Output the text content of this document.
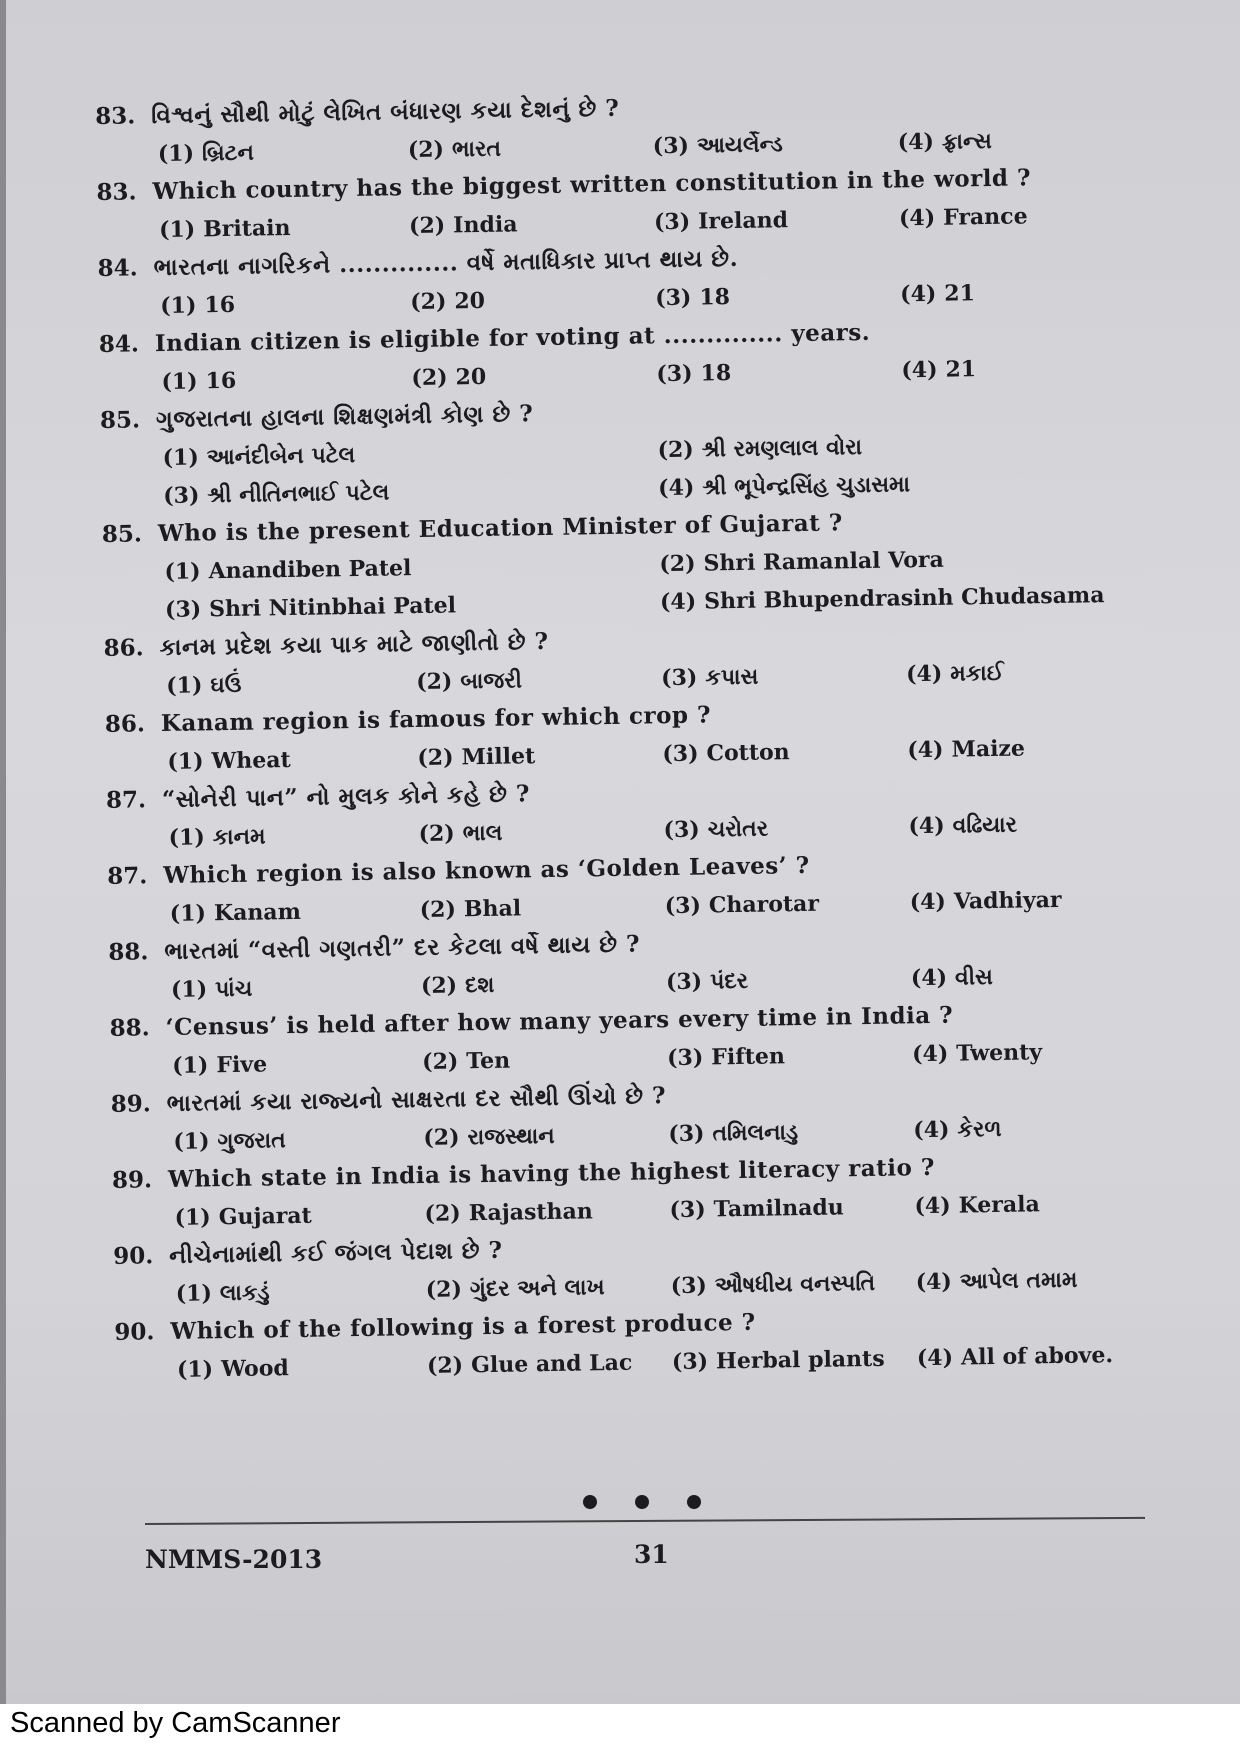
83. વિશ્વનું સૌથી મોટું લેખિત બંધારણ કયા દેશનું છે ?
(1) બ્રિટન	(2) ભારત	(3) આયર્લેન્ડ	(4) ફ્રાન્સ
83. Which country has the biggest written constitution in the world ?
(1) Britain	(2) India	(3) Ireland	(4) France
84. ભારતના નાગરિકને .............. વર્ષે મતાધિકાર પ્રાપ્ત થાય છે.
(1) 16	(2) 20	(3) 18	(4) 21
84. Indian citizen is eligible for voting at .............. years.
(1) 16	(2) 20	(3) 18	(4) 21
85. ગુજરાતના હાલના શિક્ષણમંત્રી કોણ છે ?
(1) આનંદીબેન પટેલ	(2) શ્રી રમણલાલ વોરા
(3) શ્રી નીતિનભાઈ પટેલ	(4) શ્રી ભૂપેન્દ્રસિંહ ચુડાસમા
85. Who is the present Education Minister of Gujarat ?
(1) Anandiben Patel	(2) Shri Ramanlal Vora
(3) Shri Nitinbhai Patel	(4) Shri Bhupendrasinh Chudasama
86. કાનમ પ્રદેશ કયા પાક માટે જાણીતો છે ?
(1) ઘઉં	(2) બાજરી	(3) કપાસ	(4) મકાઈ
86. Kanam region is famous for which crop ?
(1) Wheat	(2) Millet	(3) Cotton	(4) Maize
87. “સોનેરી પાન” નો મુલક કોને કહે છે ?
(1) કાનમ	(2) ભાલ	(3) ચરોતર	(4) વઢિયાર
87. Which region is also known as ‘Golden Leaves’ ?
(1) Kanam	(2) Bhal	(3) Charotar	(4) Vadhiyar
88. ભારતમાં “વસ્તી ગણતરી” દર કેટલા વર્ષે થાય છે ?
(1) પાંચ	(2) દશ	(3) પંદર	(4) વીસ
88. ‘Census’ is held after how many years every time in India ?
(1) Five	(2) Ten	(3) Fiften	(4) Twenty
89. ભારતમાં કયા રાજ્યનો સાક્ષરતા દર સૌથી ઊંચો છે ?
(1) ગુજરાત	(2) રાજસ્થાન	(3) તમિલનાડુ	(4) કેરળ
89. Which state in India is having the highest literacy ratio ?
(1) Gujarat	(2) Rajasthan	(3) Tamilnadu	(4) Kerala
90. નીચેનામાંથી કઈ જંગલ પેદાશ છે ?
(1) લાકડું	(2) ગુંદર અને લાખ	(3) ઔષધીય વનસ્પતિ	(4) આપેલ તમામ
90. Which of the following is a forest produce ?
(1) Wood	(2) Glue and Lac	(3) Herbal plants	(4) All of above.
NMMS-2013	31
Scanned by CamScanner
